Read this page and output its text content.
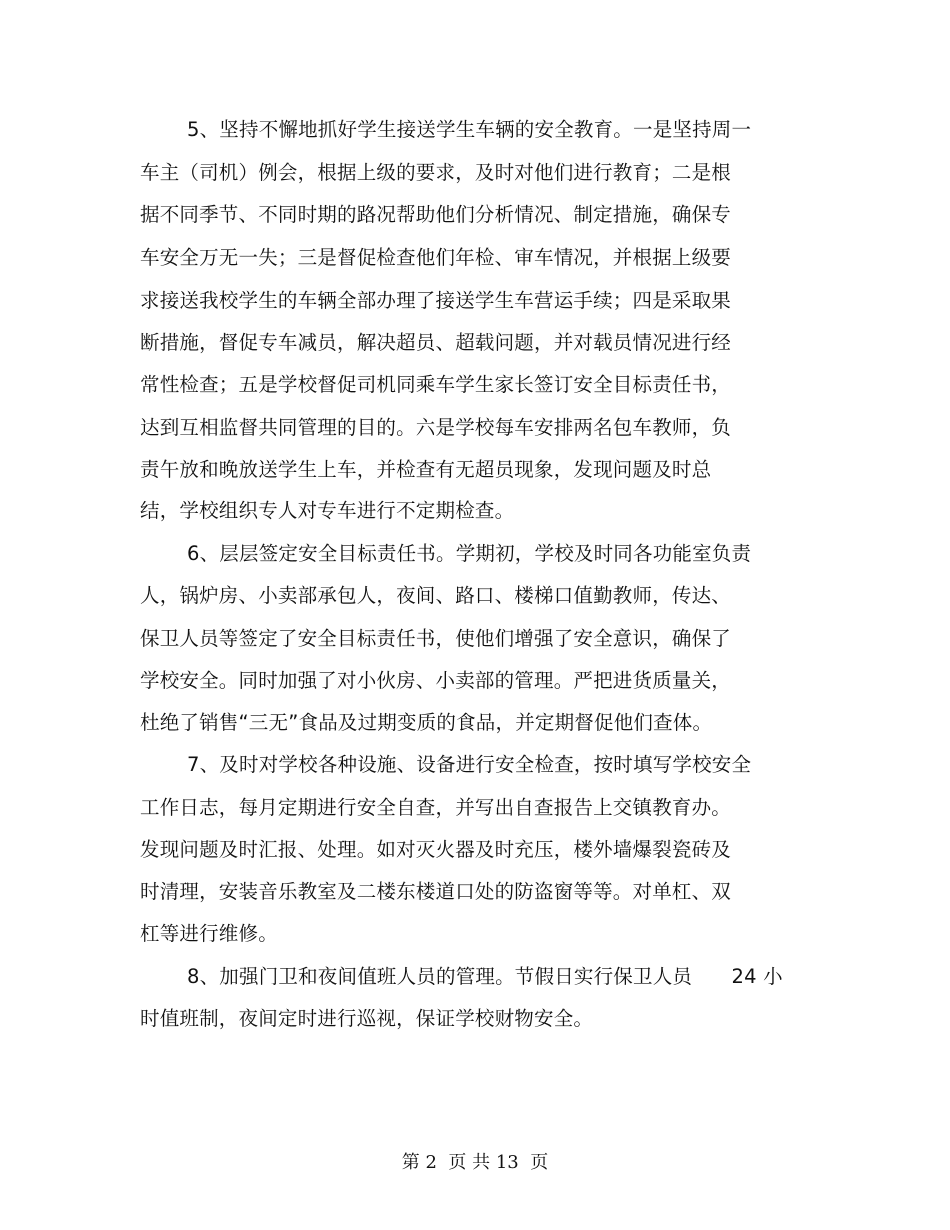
5、坚持不懈地抓好学生接送学生车辆的安全教育。一是坚持周一
车主（司机）例会，根据上级的要求，及时对他们进行教育；二是根
据不同季节、不同时期的路况帮助他们分析情况、制定措施，确保专
车安全万无一失；三是督促检查他们年检、审车情况，并根据上级要
求接送我校学生的车辆全部办理了接送学生车营运手续；四是采取果
断措施，督促专车减员，解决超员、超载问题，并对载员情况进行经
常性检查；五是学校督促司机同乘车学生家长签订安全目标责任书，
达到互相监督共同管理的目的。六是学校每车安排两名包车教师，负
责午放和晚放送学生上车，并检查有无超员现象，发现问题及时总
结，学校组织专人对专车进行不定期检查。
6、层层签定安全目标责任书。学期初，学校及时同各功能室负责
人，锅炉房、小卖部承包人，夜间、路口、楼梯口值勤教师，传达、
保卫人员等签定了安全目标责任书，使他们增强了安全意识，确保了
学校安全。同时加强了对小伙房、小卖部的管理。严把进货质量关，
杜绝了销售“三无”食品及过期变质的食品，并定期督促他们查体。
7、及时对学校各种设施、设备进行安全检查，按时填写学校安全
工作日志，每月定期进行安全自查，并写出自查报告上交镇教育办。
发现问题及时汇报、处理。如对灭火器及时充压，楼外墙爆裂瓷砖及
时清理，安装音乐教室及二楼东楼道口处的防盗窗等等。对单杠、双
杠等进行维修。
8、加强门卫和夜间值班人员的管理。节假日实行保卫人员　　24 小
时值班制，夜间定时进行巡视，保证学校财物安全。
第 2  页 共 13  页
